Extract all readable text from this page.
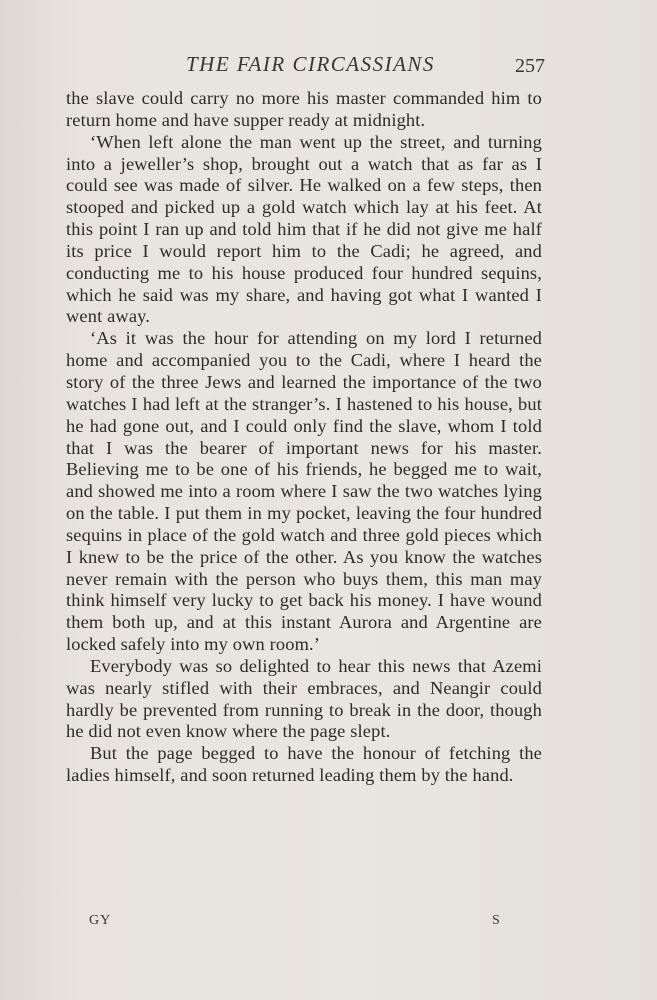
THE FAIR CIRCASSIANS	257

the slave could carry no more his master commanded him to return home and have supper ready at midnight.

‘When left alone the man went up the street, and turning into a jeweller’s shop, brought out a watch that as far as I could see was made of silver. He walked on a few steps, then stooped and picked up a gold watch which lay at his feet. At this point I ran up and told him that if he did not give me half its price I would report him to the Cadi; he agreed, and conducting me to his house produced four hundred sequins, which he said was my share, and having got what I wanted I went away.

‘As it was the hour for attending on my lord I returned home and accompanied you to the Cadi, where I heard the story of the three Jews and learned the importance of the two watches I had left at the stranger’s. I hastened to his house, but he had gone out, and I could only find the slave, whom I told that I was the bearer of important news for his master. Believing me to be one of his friends, he begged me to wait, and showed me into a room where I saw the two watches lying on the table. I put them in my pocket, leaving the four hundred sequins in place of the gold watch and three gold pieces which I knew to be the price of the other. As you know the watches never remain with the person who buys them, this man may think himself very lucky to get back his money. I have wound them both up, and at this instant Aurora and Argentine are locked safely into my own room.’

Everybody was so delighted to hear this news that Azemi was nearly stifled with their embraces, and Neangir could hardly be prevented from running to break in the door, though he did not even know where the page slept.

But the page begged to have the honour of fetching the ladies himself, and soon returned leading them by the hand.

GY	S
